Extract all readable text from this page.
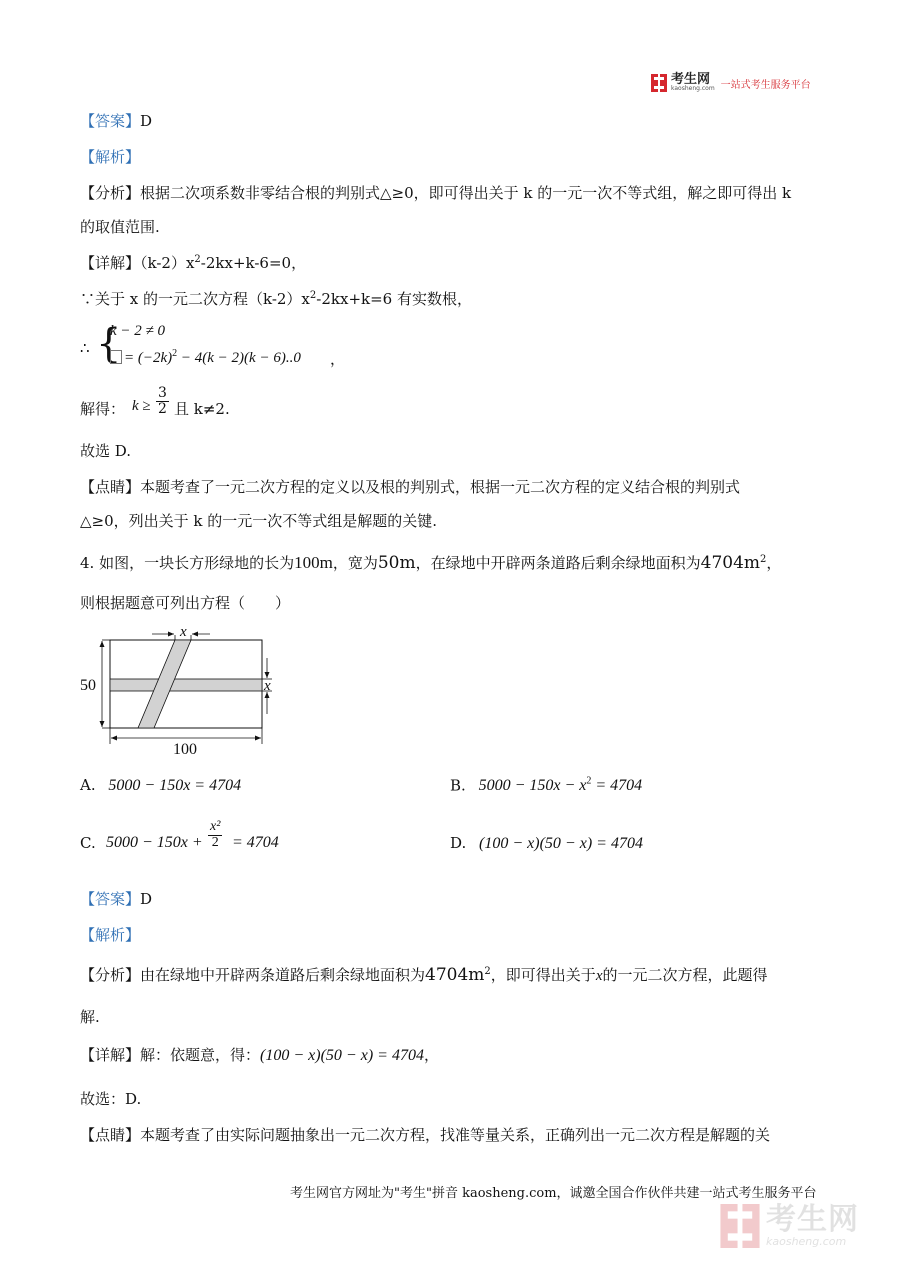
考生网
kaosheng.com 一站式考生服务平台
【答案】D
【解析】
【分析】根据二次项系数非零结合根的判别式△≥0，即可得出关于 k 的一元一次不等式组，解之即可得出 k
的取值范围.
【详解】$(k-2)x^2-2kx+k-6=0$，
∵关于 x 的一元二次方程$(k-2)x^2-2kx+k=6$ 有实数根，
∴ {
k − 2 ≠ 0
= $(-2k)^2 - 4(k - 2)(k - 6)..0$ ，
解得： $k \ge \frac{3}{2}$ 且 k≠2.
故选 D.
【点睛】本题考查了一元二次方程的定义以及根的判别式，根据一元二次方程的定义结合根的判别式
△≥0，列出关于 k 的一元一次不等式组是解题的关键.
4. 如图，一块长方形绿地的长为100m，宽为50m，在绿地中开辟两条道路后剩余绿地面积为$4704m^2$，
则根据题意可列出方程（　　）
x
50	x
100
A. 5000 − 150x = 4704	B. $5000 - 150x - x^2 = 4704$
C. $5000 - 150x + \frac{\text{x²}}{2} = 4704$	D. (100 − x)(50 − x) = 4704
【答案】D
【解析】
【分析】由在绿地中开辟两条道路后剩余绿地面积为$4704m^2$，即可得出关于x的一元二次方程，此题得
解.
【详解】解：依题意，得：(100 − x)(50 − x) = 4704，
故选：D.
【点睛】本题考查了由实际问题抽象出一元二次方程，找准等量关系，正确列出一元二次方程是解题的关
考生网官方网址为"考生"拼音 kaosheng.com，诚邀全国合作伙伴共建一站式考生服务平台
考生网
kaosheng.com
